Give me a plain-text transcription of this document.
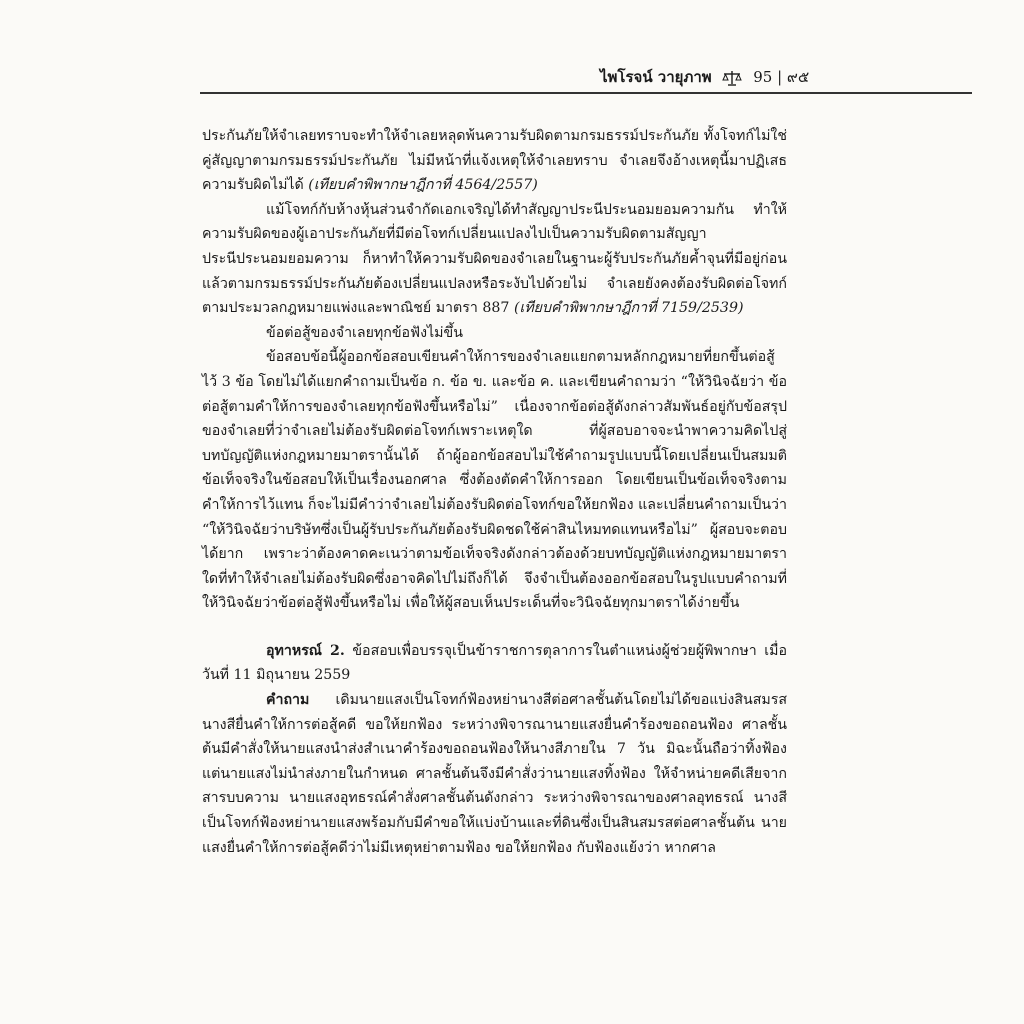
ไพโรจน์ วายุภาพ	95 | ๙๕

ประกันภัยให้จำเลยทราบจะทำให้จำเลยหลุดพ้นความรับผิดตามกรมธรรม์ประกันภัย ทั้งโจทก์ไม่ใช่คู่สัญญาตามกรมธรรม์ประกันภัย ไม่มีหน้าที่แจ้งเหตุให้จำเลยทราบ จำเลยจึงอ้างเหตุนี้มาปฏิเสธความรับผิดไม่ได้ (เทียบคำพิพากษาฎีกาที่ 4564/2557)

แม้โจทก์กับห้างหุ้นส่วนจำกัดเอกเจริญได้ทำสัญญาประนีประนอมยอมความกัน ทำให้ความรับผิดของผู้เอาประกันภัยที่มีต่อโจทก์เปลี่ยนแปลงไปเป็นความรับผิดตามสัญญาประนีประนอมยอมความ ก็หาทำให้ความรับผิดของจำเลยในฐานะผู้รับประกันภัยค้ำจุนที่มีอยู่ก่อนแล้วตามกรมธรรม์ประกันภัยต้องเปลี่ยนแปลงหรือระงับไปด้วยไม่ จำเลยยังคงต้องรับผิดต่อโจทก์ตามประมวลกฎหมายแพ่งและพาณิชย์ มาตรา 887 (เทียบคำพิพากษาฎีกาที่ 7159/2539)

ข้อต่อสู้ของจำเลยทุกข้อฟังไม่ขึ้น

ข้อสอบข้อนี้ผู้ออกข้อสอบเขียนคำให้การของจำเลยแยกตามหลักกฎหมายที่ยกขึ้นต่อสู้ไว้ 3 ข้อ โดยไม่ได้แยกคำถามเป็นข้อ ก. ข้อ ข. และข้อ ค. และเขียนคำถามว่า “ให้วินิจฉัยว่า ข้อต่อสู้ตามคำให้การของจำเลยทุกข้อฟังขึ้นหรือไม่” เนื่องจากข้อต่อสู้ดังกล่าวสัมพันธ์อยู่กับข้อสรุปของจำเลยที่ว่าจำเลยไม่ต้องรับผิดต่อโจทก์เพราะเหตุใด ที่ผู้สอบอาจจะนำพาความคิดไปสู่บทบัญญัติแห่งกฎหมายมาตรานั้นได้ ถ้าผู้ออกข้อสอบไม่ใช้คำถามรูปแบบนี้โดยเปลี่ยนเป็นสมมติข้อเท็จจริงในข้อสอบให้เป็นเรื่องนอกศาล ซึ่งต้องตัดคำให้การออก โดยเขียนเป็นข้อเท็จจริงตามคำให้การไว้แทน ก็จะไม่มีคำว่าจำเลยไม่ต้องรับผิดต่อโจทก์ขอให้ยกฟ้อง และเปลี่ยนคำถามเป็นว่า “ให้วินิจฉัยว่าบริษัทซึ่งเป็นผู้รับประกันภัยต้องรับผิดชดใช้ค่าสินไหมทดแทนหรือไม่” ผู้สอบจะตอบได้ยาก เพราะว่าต้องคาดคะเนว่าตามข้อเท็จจริงดังกล่าวต้องด้วยบทบัญญัติแห่งกฎหมายมาตราใดที่ทำให้จำเลยไม่ต้องรับผิดซึ่งอาจคิดไปไม่ถึงก็ได้ จึงจำเป็นต้องออกข้อสอบในรูปแบบคำถามที่ให้วินิจฉัยว่าข้อต่อสู้ฟังขึ้นหรือไม่ เพื่อให้ผู้สอบเห็นประเด็นที่จะวินิจฉัยทุกมาตราได้ง่ายขึ้น

อุทาหรณ์ 2. ข้อสอบเพื่อบรรจุเป็นข้าราชการตุลาการในตำแหน่งผู้ช่วยผู้พิพากษา เมื่อวันที่ 11 มิถุนายน 2559

คำถาม เดิมนายแสงเป็นโจทก์ฟ้องหย่านางสีต่อศาลชั้นต้นโดยไม่ได้ขอแบ่งสินสมรส นางสียื่นคำให้การต่อสู้คดี ขอให้ยกฟ้อง ระหว่างพิจารณานายแสงยื่นคำร้องขอถอนฟ้อง ศาลชั้นต้นมีคำสั่งให้นายแสงนำส่งสำเนาคำร้องขอถอนฟ้องให้นางสีภายใน 7 วัน มิฉะนั้นถือว่าทิ้งฟ้อง แต่นายแสงไม่นำส่งภายในกำหนด ศาลชั้นต้นจึงมีคำสั่งว่านายแสงทิ้งฟ้อง ให้จำหน่ายคดีเสียจากสารบบความ นายแสงอุทธรณ์คำสั่งศาลชั้นต้นดังกล่าว ระหว่างพิจารณาของศาลอุทธรณ์ นางสีเป็นโจทก์ฟ้องหย่านายแสงพร้อมกับมีคำขอให้แบ่งบ้านและที่ดินซึ่งเป็นสินสมรสต่อศาลชั้นต้น นายแสงยื่นคำให้การต่อสู้คดีว่าไม่มีเหตุหย่าตามฟ้อง ขอให้ยกฟ้อง กับฟ้องแย้งว่า หากศาล
